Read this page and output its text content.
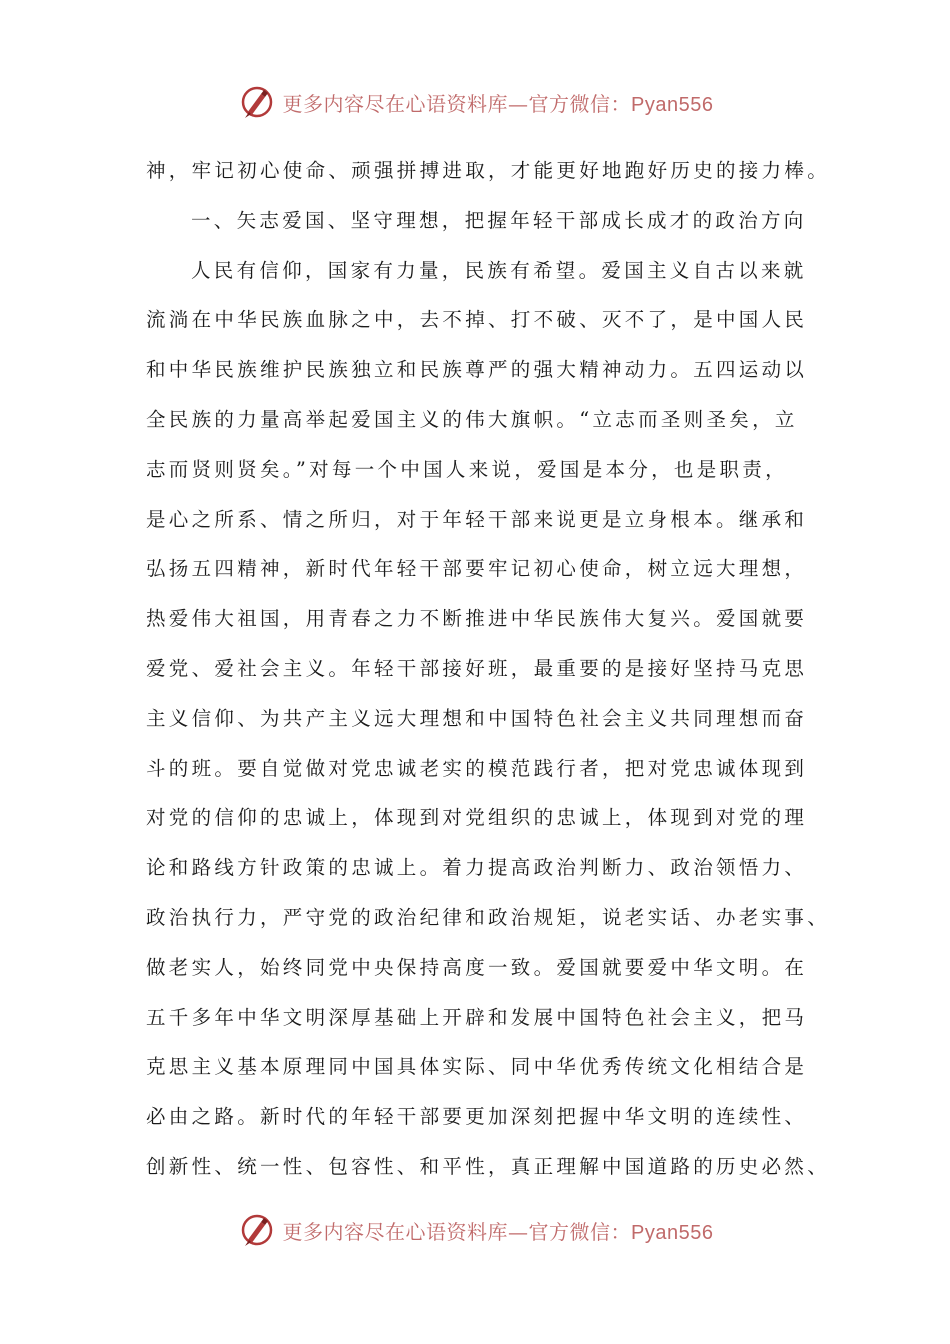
更多内容尽在心语资料库—官方微信：Pyan556
神，牢记初心使命、顽强拼搏进取，才能更好地跑好历史的接力棒。
一、矢志爱国、坚守理想，把握年轻干部成长成才的政治方向
人民有信仰，国家有力量，民族有希望。爱国主义自古以来就
流淌在中华民族血脉之中，去不掉、打不破、灭不了，是中国人民
和中华民族维护民族独立和民族尊严的强大精神动力。五四运动以
全民族的力量高举起爱国主义的伟大旗帜。“立志而圣则圣矣，立
志而贤则贤矣。”对每一个中国人来说，爱国是本分，也是职责，
是心之所系、情之所归，对于年轻干部来说更是立身根本。继承和
弘扬五四精神，新时代年轻干部要牢记初心使命，树立远大理想，
热爱伟大祖国，用青春之力不断推进中华民族伟大复兴。爱国就要
爱党、爱社会主义。年轻干部接好班，最重要的是接好坚持马克思
主义信仰、为共产主义远大理想和中国特色社会主义共同理想而奋
斗的班。要自觉做对党忠诚老实的模范践行者，把对党忠诚体现到
对党的信仰的忠诚上，体现到对党组织的忠诚上，体现到对党的理
论和路线方针政策的忠诚上。着力提高政治判断力、政治领悟力、
政治执行力，严守党的政治纪律和政治规矩，说老实话、办老实事、
做老实人，始终同党中央保持高度一致。爱国就要爱中华文明。在
五千多年中华文明深厚基础上开辟和发展中国特色社会主义，把马
克思主义基本原理同中国具体实际、同中华优秀传统文化相结合是
必由之路。新时代的年轻干部要更加深刻把握中华文明的连续性、
创新性、统一性、包容性、和平性，真正理解中国道路的历史必然、
更多内容尽在心语资料库—官方微信：Pyan556
